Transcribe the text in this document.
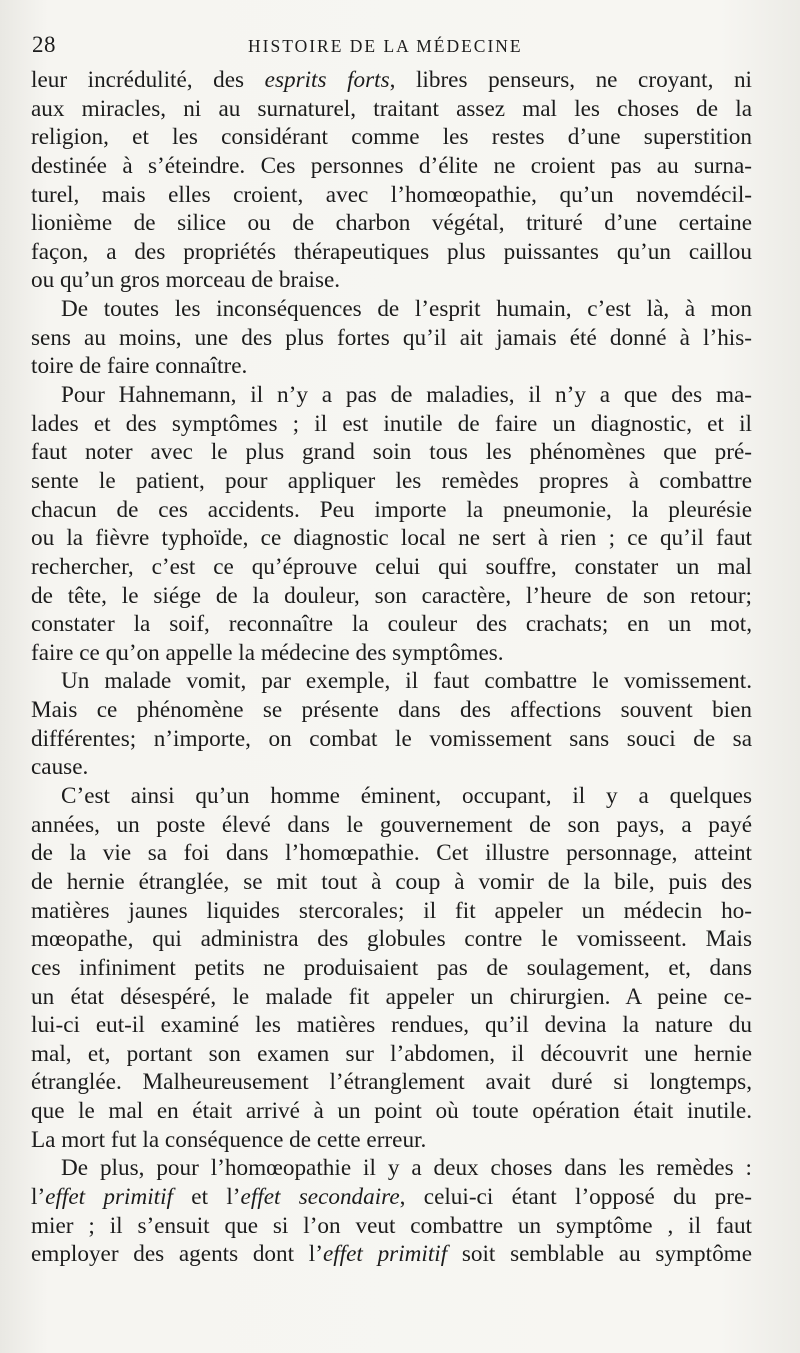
28	HISTOIRE DE LA MÉDECINE
leur incrédulité, des esprits forts, libres penseurs, ne croyant, ni
aux miracles, ni au surnaturel, traitant assez mal les choses de la
religion, et les considérant comme les restes d’une superstition
destinée à s’éteindre. Ces personnes d’élite ne croient pas au surna-
turel, mais elles croient, avec l’homœopathie, qu’un novemdécil-
lionième de silice ou de charbon végétal, trituré d’une certaine
façon, a des propriétés thérapeutiques plus puissantes qu’un caillou
ou qu’un gros morceau de braise.
De toutes les inconséquences de l’esprit humain, c’est là, à mon
sens au moins, une des plus fortes qu’il ait jamais été donné à l’his-
toire de faire connaître.
Pour Hahnemann, il n’y a pas de maladies, il n’y a que des ma-
lades et des symptômes ; il est inutile de faire un diagnostic, et il
faut noter avec le plus grand soin tous les phénomènes que pré-
sente le patient, pour appliquer les remèdes propres à combattre
chacun de ces accidents. Peu importe la pneumonie, la pleurésie
ou la fièvre typhoïde, ce diagnostic local ne sert à rien ; ce qu’il faut
rechercher, c’est ce qu’éprouve celui qui souffre, constater un mal
de tête, le siége de la douleur, son caractère, l’heure de son retour;
constater la soif, reconnaître la couleur des crachats; en un mot,
faire ce qu’on appelle la médecine des symptômes.
Un malade vomit, par exemple, il faut combattre le vomissement.
Mais ce phénomène se présente dans des affections souvent bien
différentes; n’importe, on combat le vomissement sans souci de sa
cause.
C’est ainsi qu’un homme éminent, occupant, il y a quelques
années, un poste élevé dans le gouvernement de son pays, a payé
de la vie sa foi dans l’homœpathie. Cet illustre personnage, atteint
de hernie étranglée, se mit tout à coup à vomir de la bile, puis des
matières jaunes liquides stercorales; il fit appeler un médecin ho-
mœopathe, qui administra des globules contre le vomisseent. Mais
ces infiniment petits ne produisaient pas de soulagement, et, dans
un état désespéré, le malade fit appeler un chirurgien. A peine ce-
lui-ci eut-il examiné les matières rendues, qu’il devina la nature du
mal, et, portant son examen sur l’abdomen, il découvrit une hernie
étranglée. Malheureusement l’étranglement avait duré si longtemps,
que le mal en était arrivé à un point où toute opération était inutile.
La mort fut la conséquence de cette erreur.
De plus, pour l’homœopathie il y a deux choses dans les remèdes :
l’effet primitif et l’effet secondaire, celui-ci étant l’opposé du pre-
mier ; il s’ensuit que si l’on veut combattre un symptôme , il faut
employer des agents dont l’effet primitif soit semblable au symptôme
